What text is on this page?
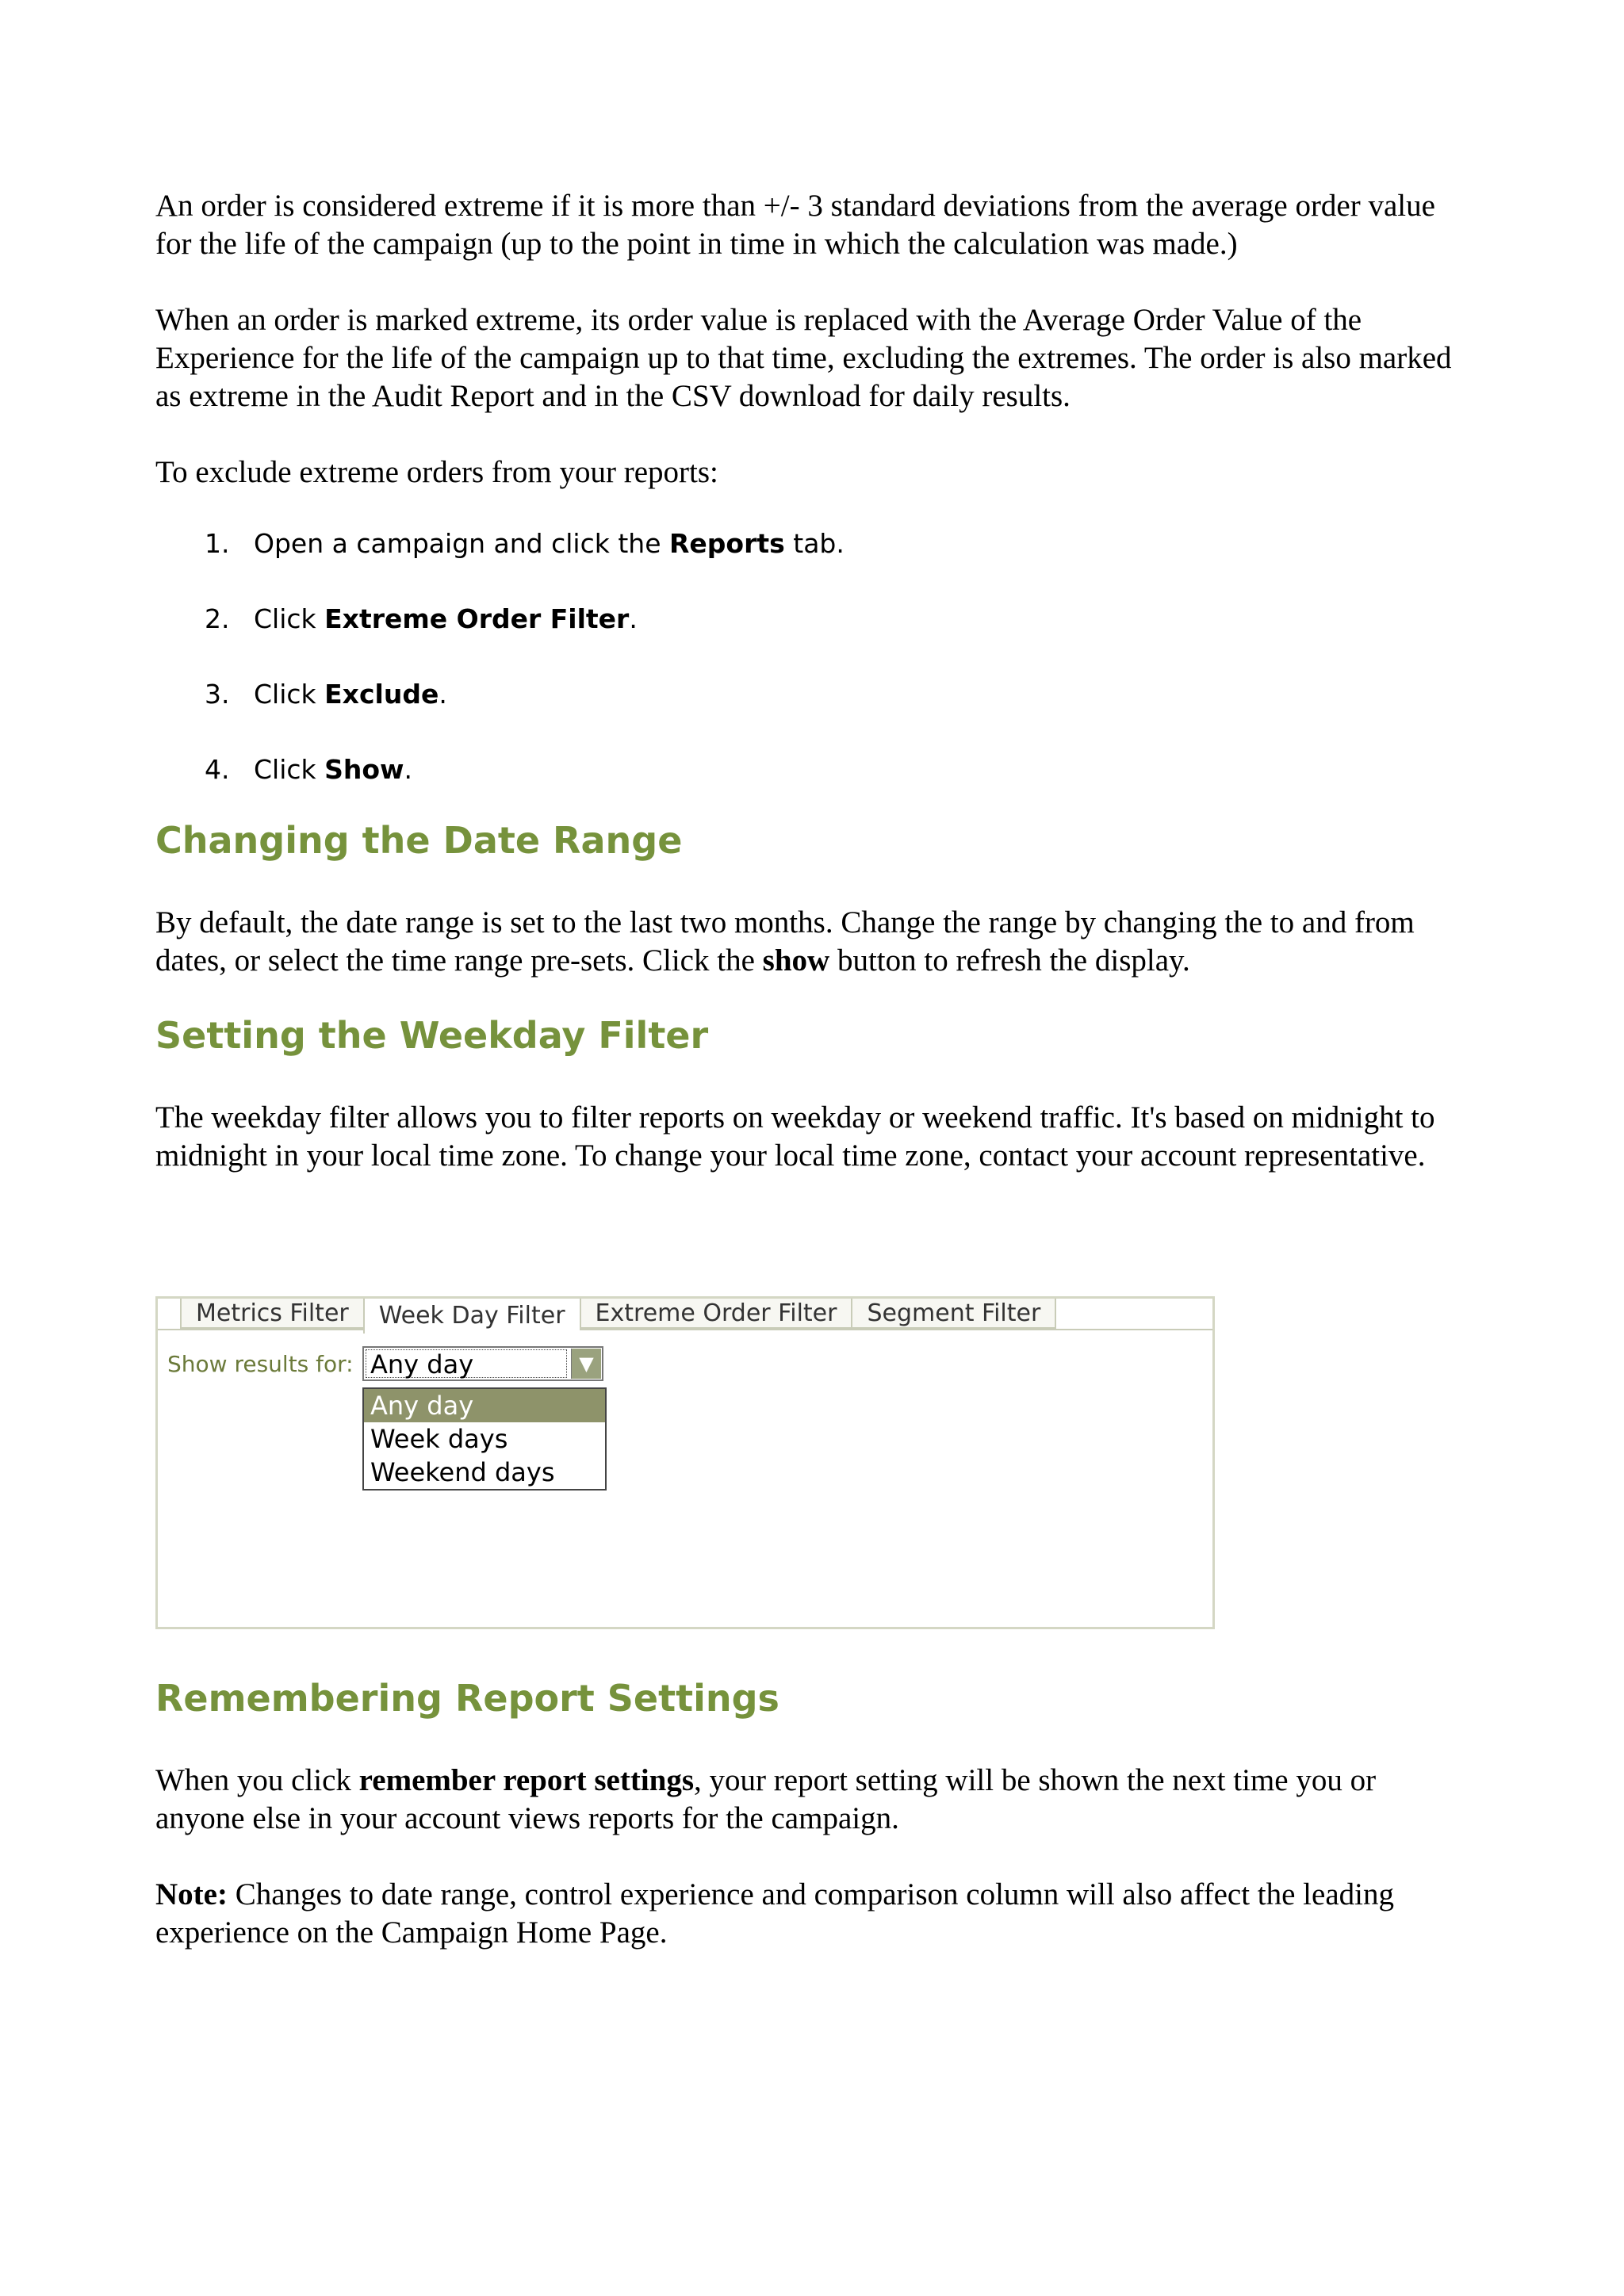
An order is considered extreme if it is more than +/- 3 standard deviations from the average order value for the life of the campaign (up to the point in time in which the calculation was made.)

When an order is marked extreme, its order value is replaced with the Average Order Value of the Experience for the life of the campaign up to that time, excluding the extremes. The order is also marked as extreme in the Audit Report and in the CSV download for daily results.

To exclude extreme orders from your reports:

1. Open a campaign and click the Reports tab.
2. Click Extreme Order Filter.
3. Click Exclude.
4. Click Show.
Changing the Date Range

By default, the date range is set to the last two months. Change the range by changing the to and from dates, or select the time range pre-sets. Click the show button to refresh the display.

Setting the Weekday Filter

The weekday filter allows you to filter reports on weekday or weekend traffic. It's based on midnight to midnight in your local time zone. To change your local time zone, contact your account representative.

Metrics Filter	Week Day Filter	Extreme Order Filter	Segment Filter
Show results for: Any day	▼
Any day
Week days
Weekend days
Remembering Report Settings

When you click remember report settings, your report setting will be shown the next time you or anyone else in your account views reports for the campaign.

Note: Changes to date range, control experience and comparison column will also affect the leading experience on the Campaign Home Page.
